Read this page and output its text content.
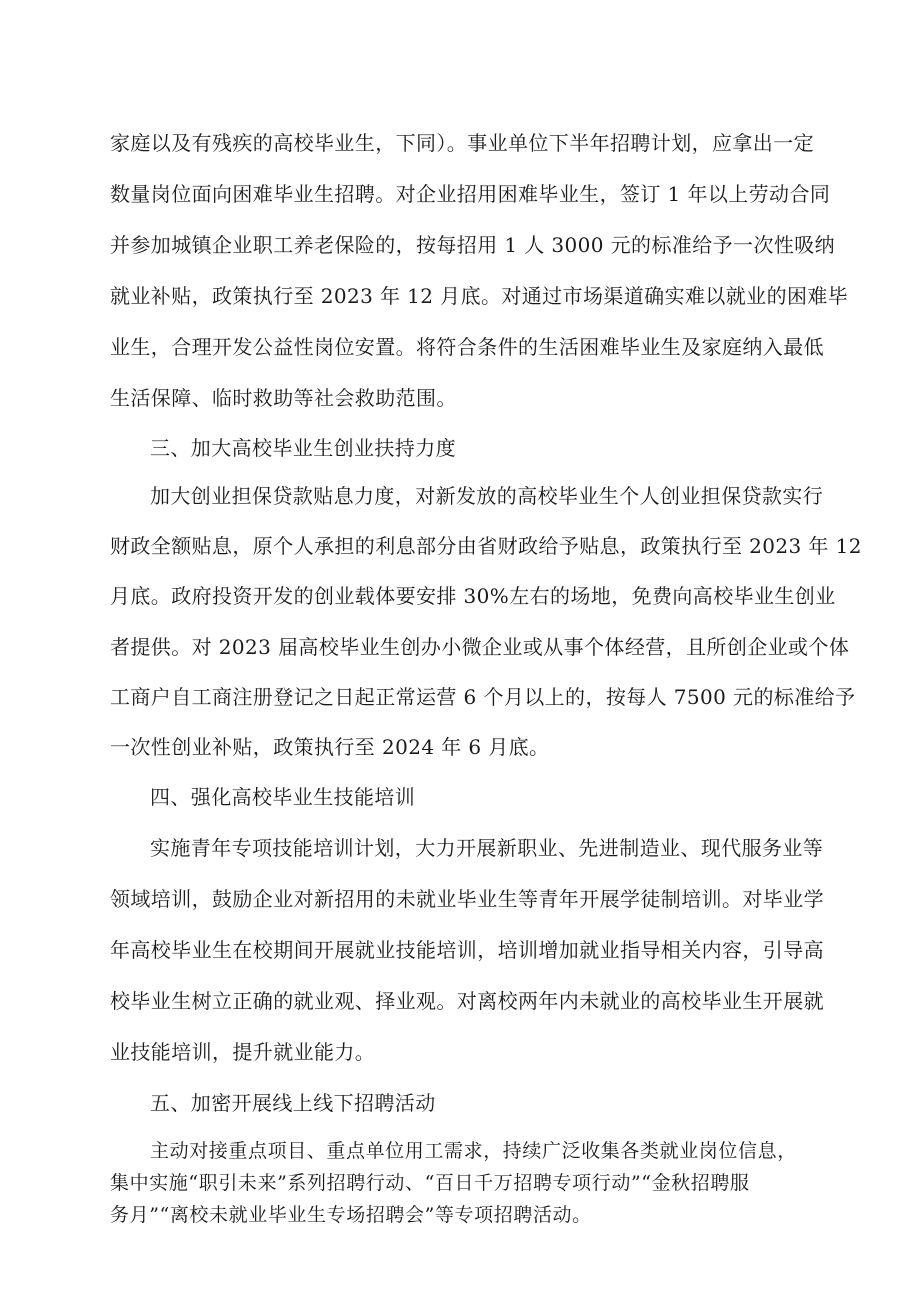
家庭以及有残疾的高校毕业生，下同）。事业单位下半年招聘计划，应拿出一定
数量岗位面向困难毕业生招聘。对企业招用困难毕业生，签订 1 年以上劳动合同
并参加城镇企业职工养老保险的，按每招用 1 人 3000 元的标准给予一次性吸纳
就业补贴，政策执行至 2023 年 12 月底。对通过市场渠道确实难以就业的困难毕
业生，合理开发公益性岗位安置。将符合条件的生活困难毕业生及家庭纳入最低
生活保障、临时救助等社会救助范围。
三、加大高校毕业生创业扶持力度
加大创业担保贷款贴息力度，对新发放的高校毕业生个人创业担保贷款实行
财政全额贴息，原个人承担的利息部分由省财政给予贴息，政策执行至 2023 年 12
月底。政府投资开发的创业载体要安排 30%左右的场地，免费向高校毕业生创业
者提供。对 2023 届高校毕业生创办小微企业或从事个体经营，且所创企业或个体
工商户自工商注册登记之日起正常运营 6 个月以上的，按每人 7500 元的标准给予
一次性创业补贴，政策执行至 2024 年 6 月底。
四、强化高校毕业生技能培训
实施青年专项技能培训计划，大力开展新职业、先进制造业、现代服务业等
领域培训，鼓励企业对新招用的未就业毕业生等青年开展学徒制培训。对毕业学
年高校毕业生在校期间开展就业技能培训，培训增加就业指导相关内容，引导高
校毕业生树立正确的就业观、择业观。对离校两年内未就业的高校毕业生开展就
业技能培训，提升就业能力。
五、加密开展线上线下招聘活动
主动对接重点项目、重点单位用工需求，持续广泛收集各类就业岗位信息，
集中实施“职引未来”系列招聘行动、“百日千万招聘专项行动”“金秋招聘服
务月”“离校未就业毕业生专场招聘会”等专项招聘活动。
